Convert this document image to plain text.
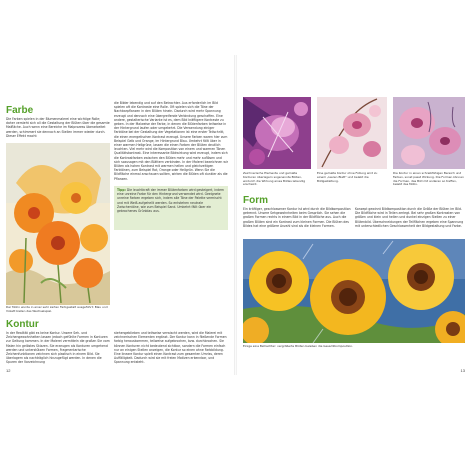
Farbe

Die Farben spielen in der Blumenmalerei eine wichtige Rolle; daher versteht sich all die Gestaltung der Blüten über die gesamte Malfläche. Auch wenn eine Bereiche im Malprozess überarbeitet werden, schimmert sie dennoch an Stellen immer wieder durch. Dieser Effekt macht

die Bilder lebendig und auf den Betrachter. Aus erforderlich im Bild spielen oft die Kontraste eine Rolle. Oft spielen sich die Töne der Nachbarpflanzen in den Blüten hinein. Dadurch wird mehr Spannung erzeugt und dennoch eine übergreifende Verbindung geschaffen. Eine andere, gestalterische Variante ist es, dem Bild kräftigere Kontraste zu geben. In der Malweise der Farbe, in denen die Blütenfarben teilweise in der Hintergrund laufen oder umgekehrt. Die Verwendung einiger Farbtöne bei der Gestaltung der Vegetationen ist eine erster Teilschritt, die einen energetischen Kontrast erzeugt. Unsere Farben waren hier zum Beispiel Gelb und Orange, im Hintergrund Blau. Umkehrt fällt über in einer warmen Hellgrüne, lassen die einen Farben der Blüten deutlich leuchten. Viel mehr wird die Komposition von einem und warmen Tönen Qualitätskontrast. Eine interessante Bildwirkung wird erzeugt, indem sich die Kontrastfarben zwischen den Blüten mehr und mehr auflösen und sich sozusagen mit den Blättern verbinden. In der Malerei bezeichnen wir Blüten als hohen Kontrast mit warmen hellen und gleichzeitigen Farbtönen, zum Beispiel Rot, Orange oder Hellgrün. Wenn Sie die Bildfläche einmal anschauen sollten, wirken die Blüten oft dunkler als die Pflanzen.

Der Mohn wurde in einer sehr zarten Farbgestalt ausgeführt: Blau und Violett bieten das Wechselspiel.

Tipp: Die leuchtkraft der immer Blütenfarben wird gesteigert, indem eine unreine Farbe für den Hintergrund verwendet wird. Geeignete unreine Farben ergeben sich, indem alle Töne der Palette vermischt und mit Weiß aufgehellt werden. So entstehen neutrale Zwischentöne, wie zum Beispiel Sand. Umkehrt fällt über ein gebrochenes Grünblau aus.

Kontur

In der Realität gibt es keine Kontur. Unsere Seh- und Zeichengewohnheiten lassen jedoch gefühlte Formen in Konturen zur Geltung kommen. In der Malerei vermitteln die großen Sie vom Malen hin gelöstes Skizzen. Sie erzeugen als Konturen umgehend werden und unterstützen Formen, Fragmentarische Zeichenfunktionen zeichnen sich plastisch in einem Bild. Sie überlagern als nachträglich hinzugefügt werden. In denen die Spuren der Vorzeichnung

stehengeblieben und teilweise verwischt werden, wird die Malerei mit zeichnerischen Elementen ergänzt. Der Kontur kann in fließende Formen farbig herauskommen, teilweise aufgebrochen, bzw. durchbrochen. Sie können Konturen nicht bedeutend sichtbar, sondern die Formen einfach nur an einigen Stellen anzeigen, die Kontur so einen ohne Farbbildung. Eine lineare Kontur spielt einen Kontrast zum gesamten Umriss, deren Auffälligkeit. Dadurch wird sie mit freien Motiven erkennbar, und Spannung entsteht.

12

Zeichnerische Elemente und gemalte Konturen überlagern sogenannte Blüten, wodurch die Wirkung eines Bildes lebendig erscheint.

Eine gemalte Kontur ohne Füllung wird zu einem „leeren Blatt“ und belebt die Bildgestaltung.

Die Kontur in einen schreibfähigen Bereich und Farben, sonst passt Wirkung. Die Formen können die Formen, das Bild mit anderen so treffen, belebt das Motiv.

Form

Ein kräftiger, geschlossener Kontur ist wird durch die Bildkomposition getrennt. Unsere Sehgewohnheiten beim Gespräch. Sie sehen die großen Formen rechts in einem Bild in der Bildfläche aus. Auch die großen Blüten sind ein Kontrast zum kleinen Formen. Die Blüten des Bildes hat eine größere Anzahl sind als die kleinen Formen.

Konzept gewinnt Bildkomposition durch die Größe der Blüten im Bild. Die Bildfläche wird in Teilen zerlegt. Bei sehr großen Kontrasten von größen und klein und hellen und dunkel einzigen Stellen zu einer Blütenbild. Überschneidungen der Teilflächen ergeben eine Spannung mit unterschiedlichen Geschlossenheit der Bildgestaltung und Farbe.

Einige eine Betrachter: vergrößerte Blüten beleben die Gesamtkomposition.

13
